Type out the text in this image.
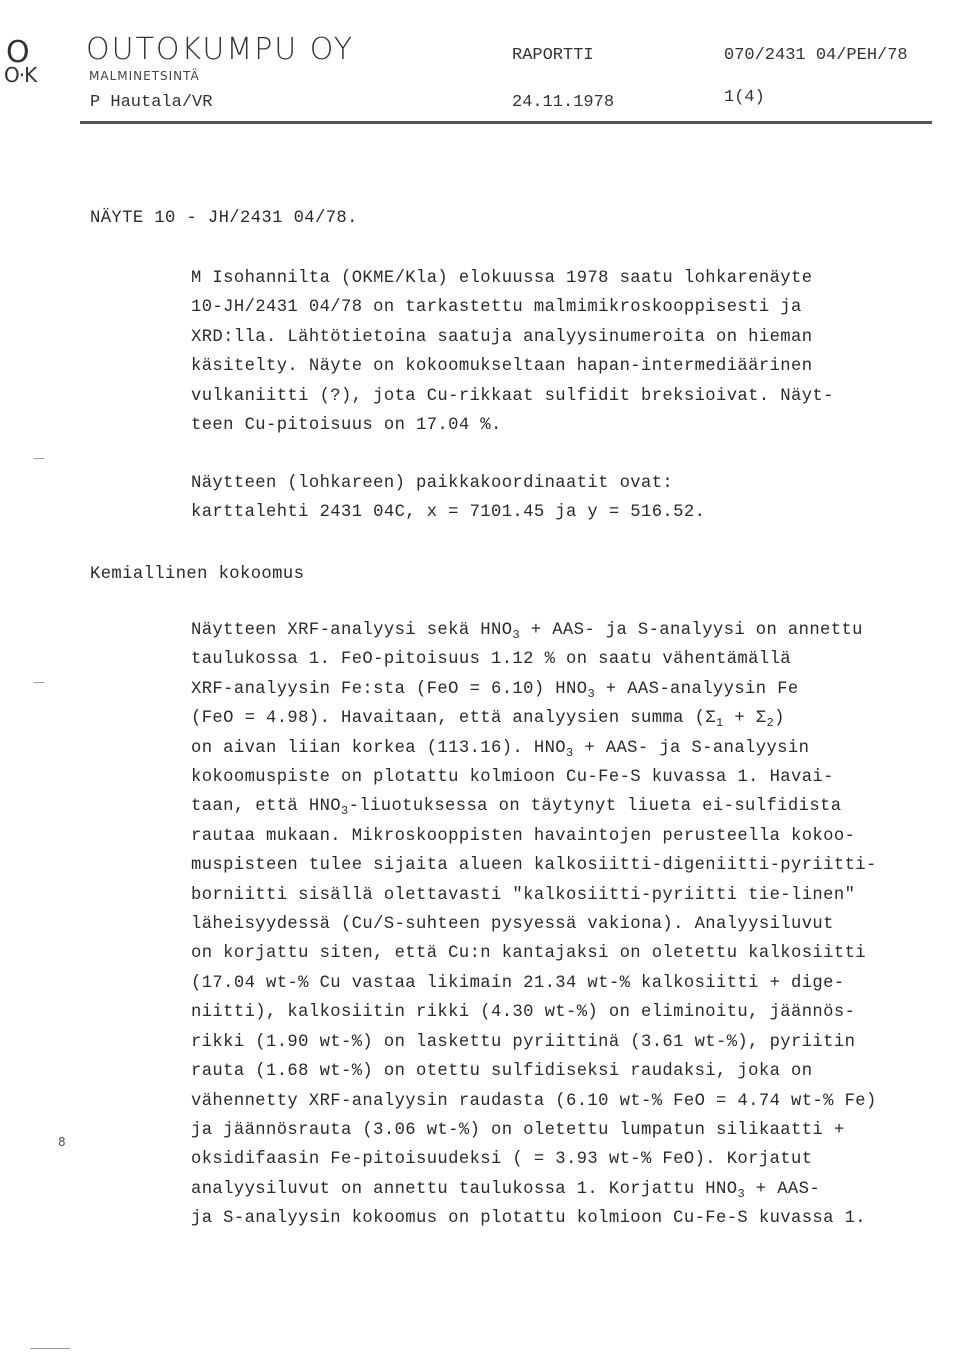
O
O·K
OUTOKUMPU OY
MALMINETSINTÄ
RAPORTTI	070/2431 04/PEH/78
P Hautala/VR	24.11.1978	1(4)
NÄYTE 10 - JH/2431 04/78.
M Isohannilta (OKME/Kla) elokuussa 1978 saatu lohkarenäyte
10-JH/2431 04/78 on tarkastettu malmimikroskooppisesti ja
XRD:lla. Lähtötietoina saatuja analyysinumeroita on hieman
käsitelty. Näyte on kokoomukseltaan hapan-intermediäärinen
vulkaniitti (?), jota Cu-rikkaat sulfidit breksioivat. Näyt-
teen Cu-pitoisuus on 17.04 %.
Näytteen (lohkareen) paikkakoordinaatit ovat:
karttalehti 2431 04C, x = 7101.45 ja y = 516.52.
Kemiallinen kokoomus
Näytteen XRF-analyysi sekä $HNO_3 + AAS-$ ja S-analyysi on annettu
taulukossa 1. FeO-pitoisuus 1.12 % on saatu vähentämällä
XRF-analyysin Fe:sta (FeO = 6.10) $HNO_3$ + AAS-analyysin Fe
(FeO = 4.98). Havaitaan, että analyysien summa $(\Sigma_1 + \Sigma_2)$
on aivan liian korkea (113.16). $HNO_3 + AAS-$ ja S-analyysin
kokoomuspiste on plotattu kolmioon Cu-Fe-S kuvassa 1. Havai-
taan, että $HNO_3$-liuotuksessa on täytynyt liueta ei-sulfidista
rautaa mukaan. Mikroskooppisten havaintojen perusteella kokoo-
muspisteen tulee sijaita alueen kalkosiitti-digeniitti-pyriitti-
borniitti sisällä olettavasti "kalkosiitti-pyriitti tie-linen"
läheisyydessä (Cu/S-suhteen pysyessä vakiona). Analyysiluvut
on korjattu siten, että Cu:n kantajaksi on oletettu kalkosiitti
(17.04 wt-% Cu vastaa likimain 21.34 wt-% kalkosiitti + dige-
niitti), kalkosiitin rikki (4.30 wt-%) on eliminoitu, jäännös-
rikki (1.90 wt-%) on laskettu pyriittinä (3.61 wt-%), pyriitin
rauta (1.68 wt-%) on otettu sulfidiseksi raudaksi, joka on
vähennetty XRF-analyysin raudasta (6.10 wt-% FeO = 4.74 wt-% Fe)
ja jäännösrauta (3.06 wt-%) on oletettu lumpatun silikaatti +
oksidifaasin Fe-pitoisuudeksi ( = 3.93 wt-% FeO). Korjatut
analyysiluvut on annettu taulukossa 1. Korjattu $HNO_3 + AAS-$
ja S-analyysin kokoomus on plotattu kolmioon Cu-Fe-S kuvassa 1.
8
